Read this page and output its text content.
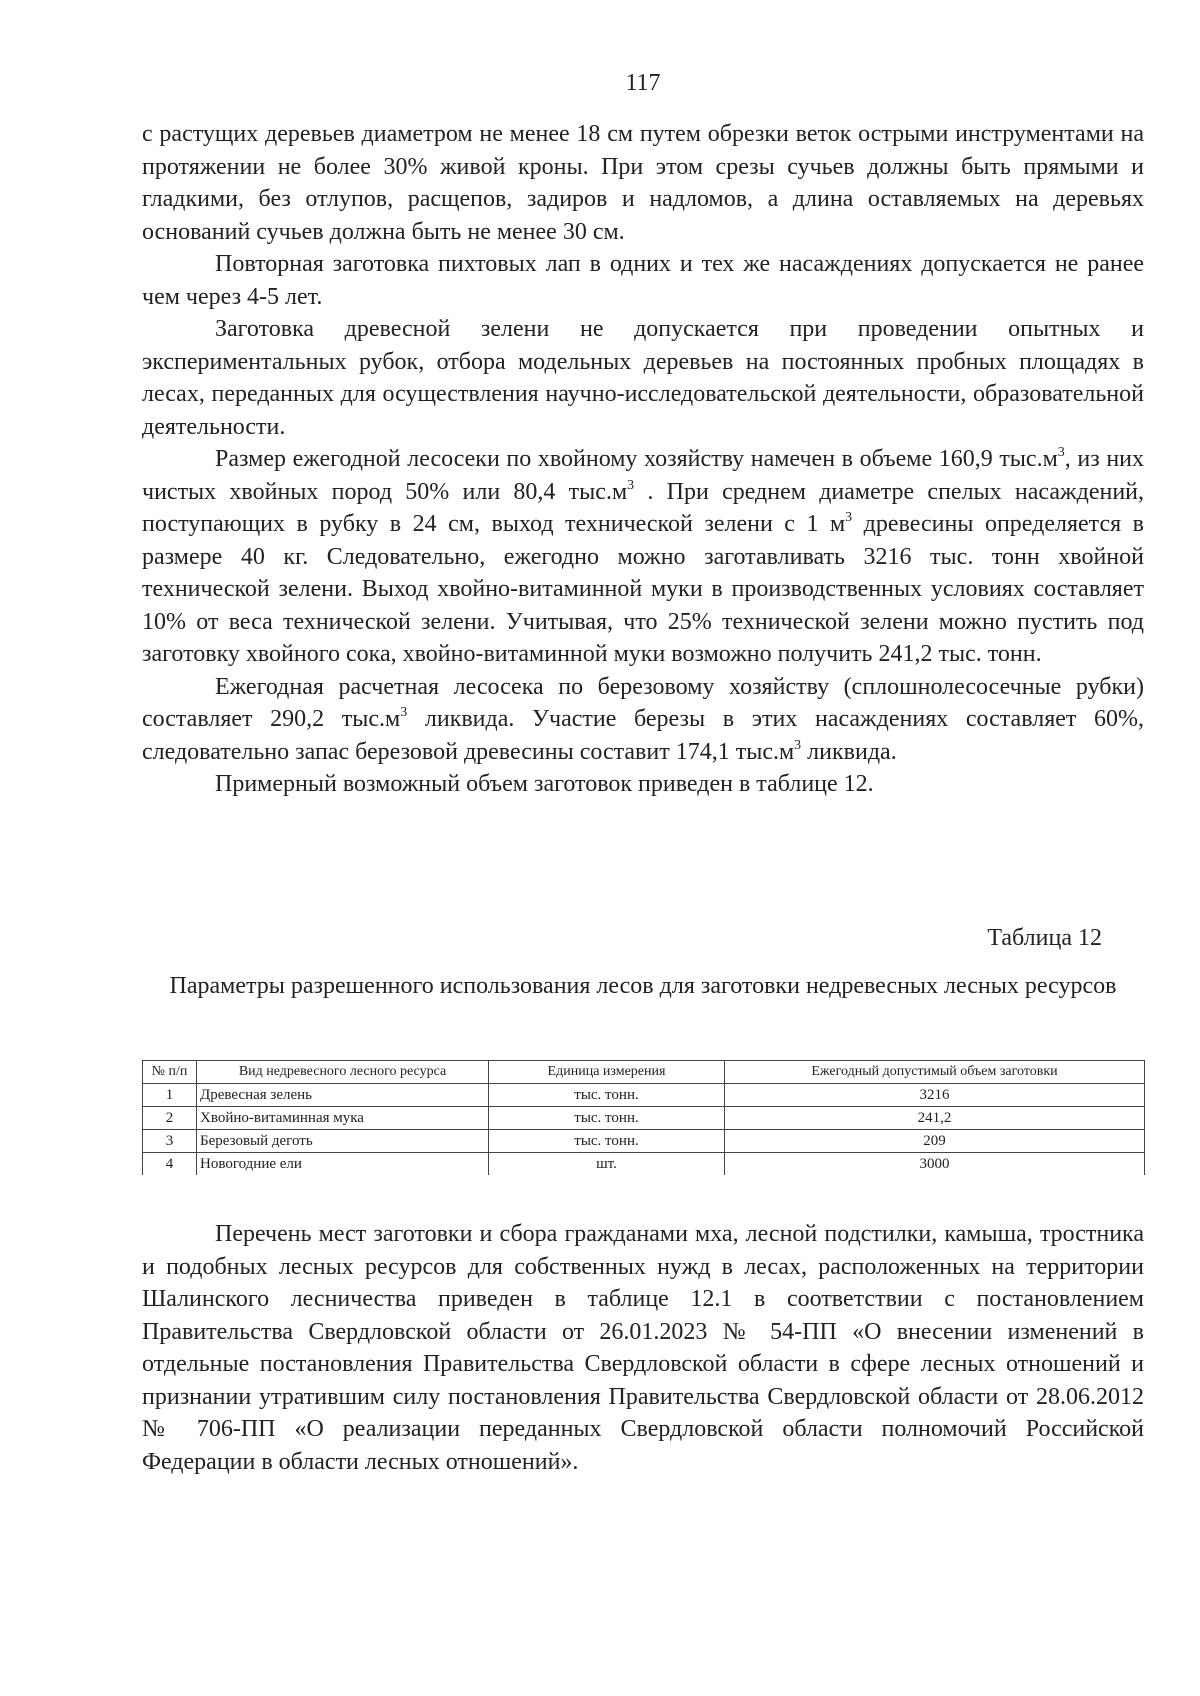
117

с растущих деревьев диаметром не менее 18 см путем обрезки веток острыми инструментами на протяжении не более 30% живой кроны. При этом срезы сучьев должны быть прямыми и гладкими, без отлупов, расщепов, задиров и надломов, а длина оставляемых на деревьях оснований сучьев должна быть не менее 30 см.

Повторная заготовка пихтовых лап в одних и тех же насаждениях допускается не ранее чем через 4-5 лет.

Заготовка древесной зелени не допускается при проведении опытных и экспериментальных рубок, отбора модельных деревьев на постоянных пробных площадях в лесах, переданных для осуществления научно-исследовательской деятельности, образовательной деятельности.

Размер ежегодной лесосеки по хвойному хозяйству намечен в объеме 160,9 $тыс.м^3$, из них чистых хвойных пород 50% или 80,4 $тыс.м^3$ . При среднем диаметре спелых насаждений, поступающих в рубку в 24 см, выход технической зелени с 1 $м^3$ древесины определяется в размере 40 кг. Следовательно, ежегодно можно заготавливать 3216 тыс. тонн хвойной технической зелени. Выход хвойно-витаминной муки в производственных условиях составляет 10% от веса технической зелени. Учитывая, что 25% технической зелени можно пустить под заготовку хвойного сока, хвойно-витаминной муки возможно получить 241,2 тыс. тонн.

Ежегодная расчетная лесосека по березовому хозяйству (сплошнолесосечные рубки) составляет 290,2 $тыс.м^3$ ликвида. Участие березы в этих насаждениях составляет 60%, следовательно запас березовой древесины составит 174,1 $тыс.м^3$ ликвида.

Примерный возможный объем заготовок приведен в таблице 12.

Таблица 12
Параметры разрешенного использования лесов для заготовки недревесных лесных ресурсов
№ п/п	Вид недревесного лесного ресурса	Единица измерения	Ежегодный допустимый объем заготовки
1	Древесная зелень	тыс. тонн.	3216
2	Хвойно-витаминная мука	тыс. тонн.	241,2
3	Березовый деготь	тыс. тонн.	209
4	Новогодние ели	шт.	3000

Перечень мест заготовки и сбора гражданами мха, лесной подстилки, камыша, тростника и подобных лесных ресурсов для собственных нужд в лесах, расположенных на территории Шалинского лесничества приведен в таблице 12.1 в соответствии с постановлением Правительства Свердловской области от 26.01.2023 № 54-ПП «О внесении изменений в отдельные постановления Правительства Свердловской области в сфере лесных отношений и признании утратившим силу постановления Правительства Свердловской области от 28.06.2012 № 706-ПП «О реализации переданных Свердловской области полномочий Российской Федерации в области лесных отношений».
